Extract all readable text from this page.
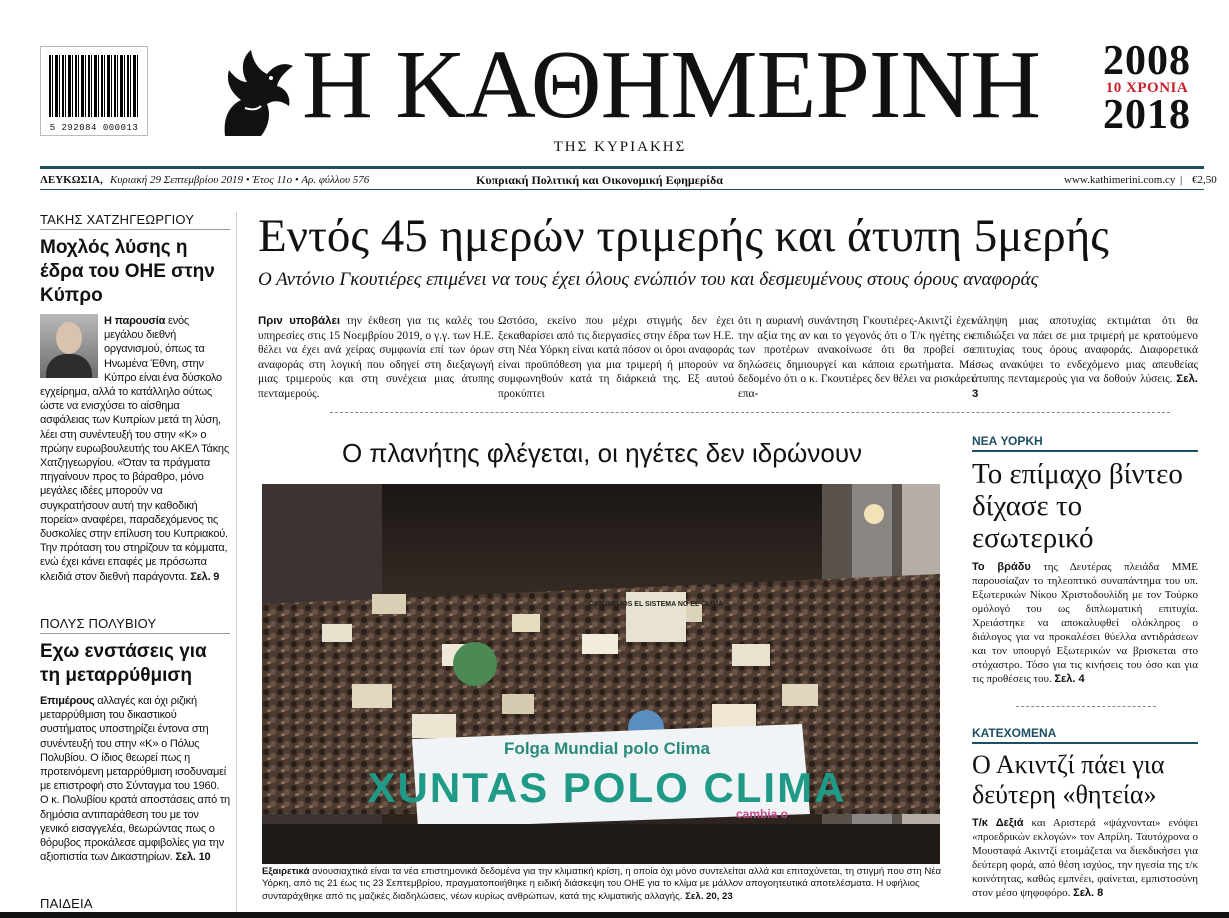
5 292084 000013 Η ΚΑΘΗΜΕΡΙΝΗ
ΤΗΣ ΚΥΡΙΑΚΗΣ
2008
10 ΧΡΟΝΙΑ
2018
ΛΕΥΚΩΣΙΑ, Κυριακή 29 Σεπτεμβρίου 2019 • Έτος 11ο • Αρ. φύλλου 576	Κυπριακή Πολιτική και Οικονομική Εφημερίδα	www.kathimerini.com.cy | €2,50
ΤΑΚΗΣ ΧΑΤΖΗΓΕΩΡΓΙΟΥ
Μοχλός λύσης η έδρα του ΟΗΕ στην Κύπρο
Η παρουσία ενός μεγάλου διεθνή οργανισμού, όπως τα Ηνωμένα Έθνη, στην Κύπρο είναι ένα δύσκολο εγχείρημα, αλλά το κατάλληλο ούτως ώστε να ενισχύσει το αίσθημα ασφάλειας των Κυπρίων μετά τη λύση, λέει στη συνέντευξή του στην «Κ» ο πρώην ευρωβουλευτής του ΑΚΕΛ Τάκης Χατζηγεωργίου. «Όταν τα πράγματα πηγαίνουν προς το βάραθρο, μόνο μεγάλες ιδέες μπορούν να συγκρατήσουν αυτή την καθοδική πορεία» αναφέρει, παραδεχόμενος τις δυσκολίες στην επίλυση του Κυπριακού. Την πρόταση του στηρίζουν τα κόμματα, ενώ έχει κάνει επαφές με πρόσωπα κλειδιά στον διεθνή παράγοντα. Σελ. 9
ΠΟΛΥΣ ΠΟΛΥΒΙΟΥ
Εχω ενστάσεις για τη μεταρρύθμιση
Επιμέρους αλλαγές και όχι ριζική μεταρρύθμιση του δικαστικού συστήματος υποστηρίζει έντονα στη συνέντευξή του στην «Κ» ο Πόλυς Πολυβίου. Ο ίδιος θεωρεί πως η προτεινόμενη μεταρρύθμιση ισοδυναμεί με επιστροφή στο Σύνταγμα του 1960. Ο κ. Πολυβίου κρατά αποστάσεις από τη δημόσια αντιπαράθεση του με τον γενικό εισαγγελέα, θεωρώντας πως ο θόρυβος προκάλεσε αμφιβολίες για την αξιοπιστία των Δικαστηρίων. Σελ. 10
ΠΑΙΔΕΙΑ
Εντός 45 ημερών τριμερής και άτυπη 5μερής
Ο Αντόνιο Γκουτιέρες επιμένει να τους έχει όλους ενώπιόν του και δεσμευμένους στους όρους αναφοράς
Πριν υποβάλει την έκθεση για τις καλές του υπηρεσίες στις 15 Νοεμβρίου 2019, ο γ.γ. των Η.Ε. θέλει να έχει ανά χείρας συμφωνία επί των όρων αναφοράς στη λογική που οδηγεί στη διεξαγωγή μιας τριμερούς και στη συνέχεια μιας άτυπης πενταμερούς.
Ωστόσο, εκείνο που μέχρι στιγμής δεν έχει ξεκαθαρίσει από τις διεργασίες στην έδρα των Η.Ε. στη Νέα Υόρκη είναι κατά πόσον οι όροι αναφοράς είναι προϋπόθεση για μια τριμερή ή μπορούν να συμφωνηθούν κατά τη διάρκειά της. Εξ αυτού προκύπτει
ότι η αυριανή συνάντηση Γκουτιέρες-Ακιντζί έχει την αξία της αν και το γεγονός ότι ο Τ/κ ηγέτης εκ των προτέρων ανακοίνωσε ότι θα προβεί σε δηλώσεις δημιουργεί και κάποια ερωτήματα. Με δεδομένο ότι ο κ. Γκουτιέρες δεν θέλει να ρισκάρει επα-
νάληψη μιας αποτυχίας εκτιμάται ότι θα επιδιώξει να πάει σε μια τριμερή με κρατούμενο επιτυχίας τους όρους αναφοράς. Διαφορετικά ίσως ανακύψει το ενδεχόμενο μιας απευθείας άτυπης πενταμερούς για να δοθούν λύσεις. Σελ. 3
Ο πλανήτης φλέγεται, οι ηγέτες δεν ιδρώνουν
CAMBIEMOS EL SISTEMA NO EL CLIMA
Folga Mundial polo Clima
XUNTAS POLO CLIMA
cambia o
Εξαιρετικά ανουσιαχτικά είναι τα νέα επιστημονικά δεδομένα για την κλιματική κρίση, η οποία όχι μόνο συντελείται αλλά και επιταχύνεται, τη στιγμή που στη Νέα Υόρκη, από τις 21 έως τις 23 Σεπτεμβρίου, πραγματοποιήθηκε η ειδική διάσκεψη του ΟΗΕ για το κλίμα με μάλλον απογοητευτικά αποτελέσματα. Η υφήλιος συνταράχθηκε από τις μαζικές διαδηλώσεις, νέων κυρίως ανθρώπων, κατά της κλιματικής αλλαγής. Σελ. 20, 23
ΝΕΑ ΥΟΡΚΗ
Το επίμαχο βίντεο δίχασε το εσωτερικό
Το βράδυ της Δευτέρας πλειάδα ΜΜΕ παρουσίαζαν το τηλεοπτικό συναπάντημα του υπ. Εξωτερικών Νίκου Χριστοδουλίδη με τον Τούρκο ομόλογό του ως διπλωματική επιτυχία. Χρειάστηκε να αποκαλυφθεί ολόκληρος ο διάλογος για να προκαλέσει θύελλα αντιδράσεων και τον υπουργό Εξωτερικών να βρισκεται στο στόχαστρο. Τόσο για τις κινήσεις του όσο και για τις προθέσεις του. Σελ. 4
ΚΑΤΕΧΟΜΕΝΑ
Ο Ακιντζί πάει για δεύτερη «θητεία»
Τ/κ Δεξιά και Αριστερά «ψάχνονται» ενόψει «προεδρικών εκλογών» τον Απρίλη. Ταυτόχρονα ο Μουσταφά Ακιντζί ετοιμάζεται να διεκδικήσει για δεύτερη φορά, από θέση ισχύος, την ηγεσία της τ/κ κοινότητας, καθώς εμπνέει, φαίνεται, εμπιστοσύνη στον μέσο ψηφοφόρο. Σελ. 8
